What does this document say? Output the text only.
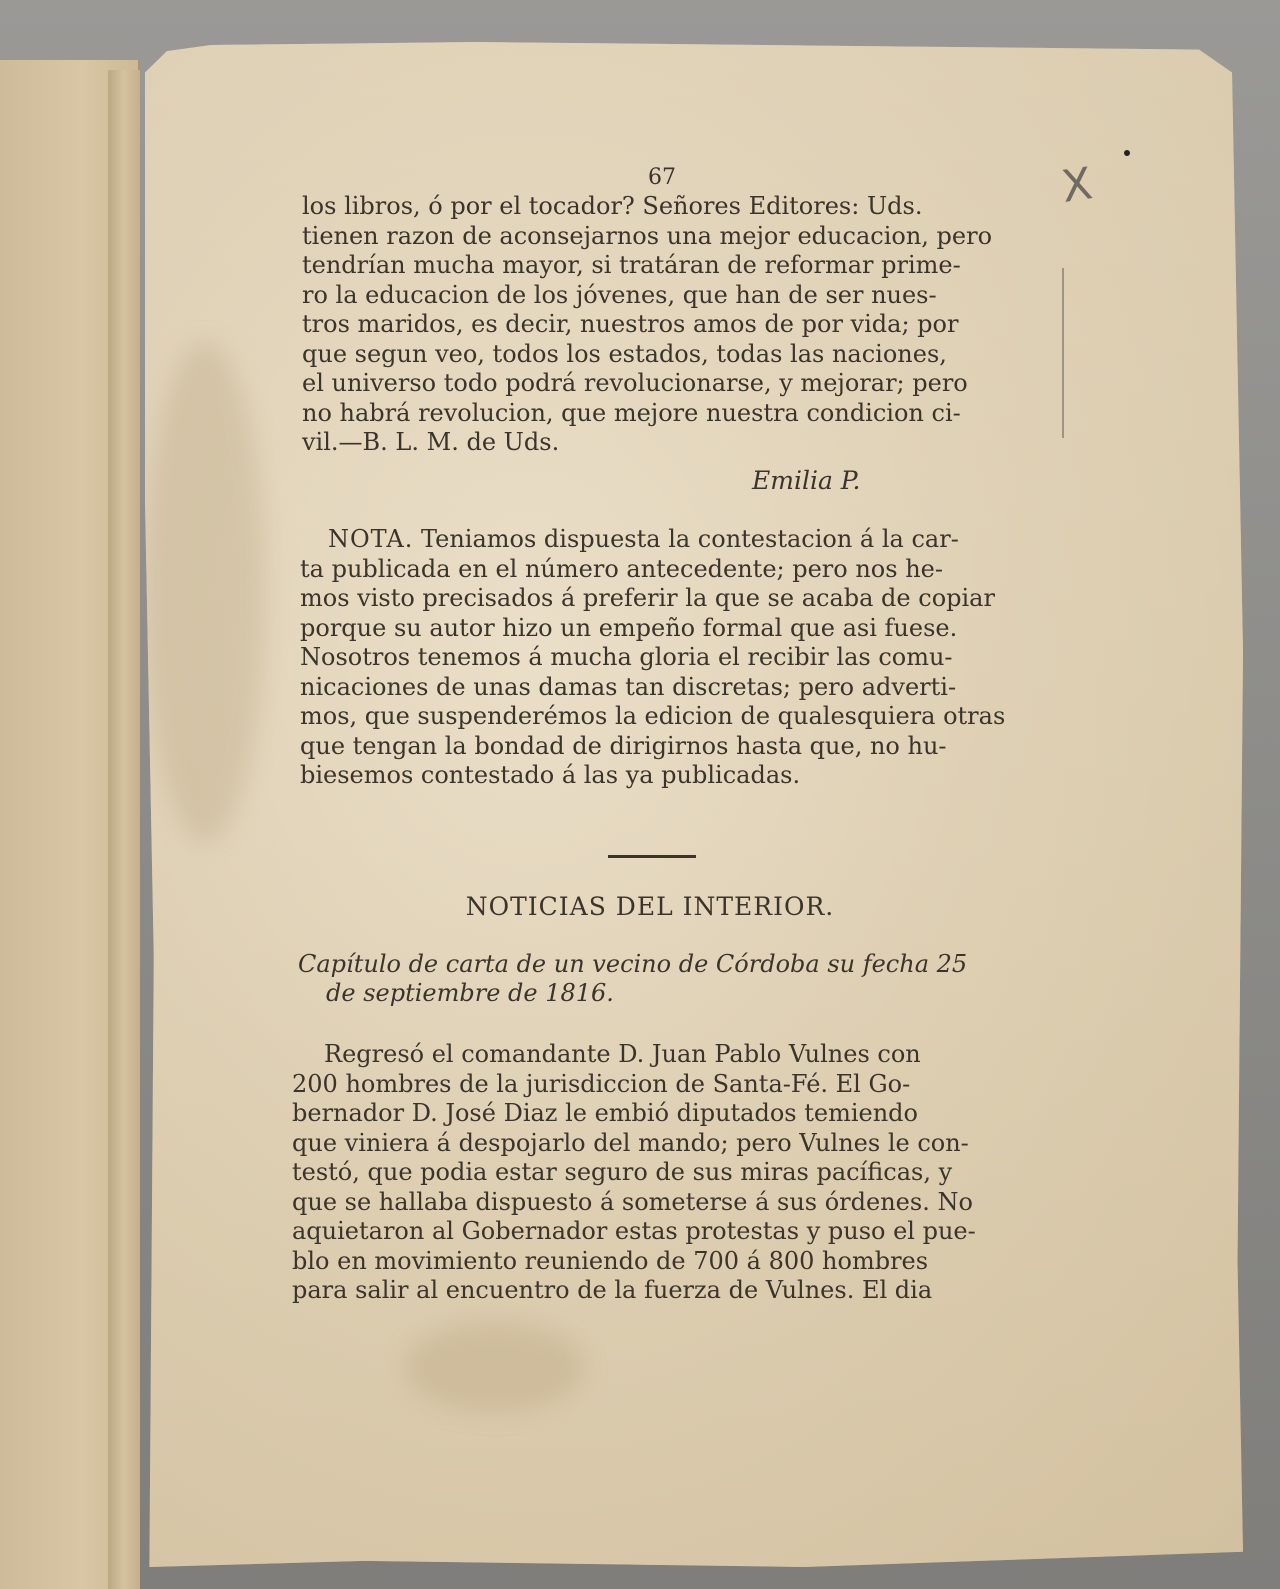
67	X

los libros, ó por el tocador? Señores Editores: Uds.

tienen razon de aconsejarnos una mejor educacion, pero

tendrían mucha mayor, si tratáran de reformar prime-

ro la educacion de los jóvenes, que han de ser nues-

tros maridos, es decir, nuestros amos de por vida; por

que segun veo, todos los estados, todas las naciones,

el universo todo podrá revolucionarse, y mejorar; pero

no habrá revolucion, que mejore nuestra condicion ci-

vil.—B. L. M. de Uds.

Emilia P.

NOTA. Teniamos dispuesta la contestacion á la car-

ta publicada en el número antecedente; pero nos he-

mos visto precisados á preferir la que se acaba de copiar

porque su autor hizo un empeño formal que asi fuese.

Nosotros tenemos á mucha gloria el recibir las comu-

nicaciones de unas damas tan discretas; pero adverti-

mos, que suspenderémos la edicion de qualesquiera otras

que tengan la bondad de dirigirnos hasta que, no hu-

biesemos contestado á las ya publicadas.

NOTICIAS DEL INTERIOR.
Capítulo de carta de un vecino de Córdoba su fecha 25
de septiembre de 1816.

Regresó el comandante D. Juan Pablo Vulnes con

200 hombres de la jurisdiccion de Santa-Fé. El Go-

bernador D. José Diaz le embió diputados temiendo

que viniera á despojarlo del mando; pero Vulnes le con-

testó, que podia estar seguro de sus miras pacíficas, y

que se hallaba dispuesto á someterse á sus órdenes. No

aquietaron al Gobernador estas protestas y puso el pue-

blo en movimiento reuniendo de 700 á 800 hombres

para salir al encuentro de la fuerza de Vulnes. El dia
